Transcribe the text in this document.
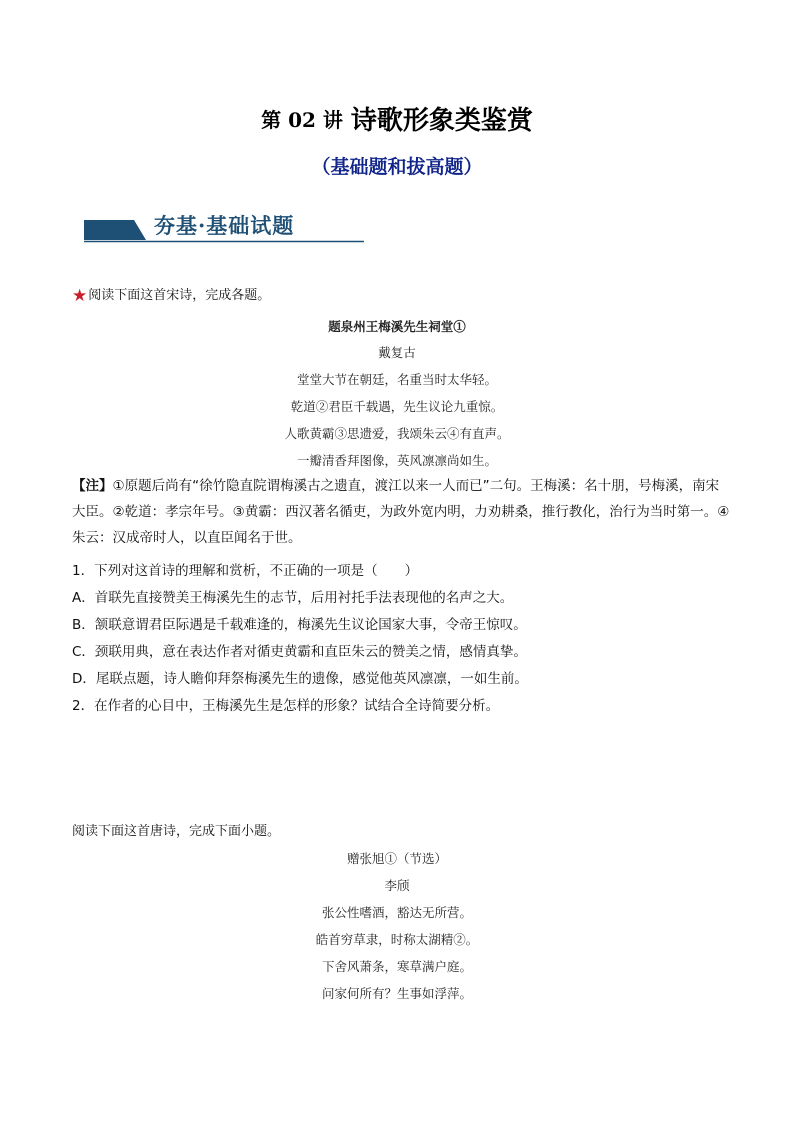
第 02 讲 诗歌形象类鉴赏
（基础题和拔高题）
夯基·基础试题
★阅读下面这首宋诗，完成各题。
题泉州王梅溪先生祠堂①
戴复古
堂堂大节在朝廷，名重当时太华轻。
乾道②君臣千载遇，先生议论九重惊。
人歌黄霸③思遗爱，我颂朱云④有直声。
一瓣清香拜图像，英风凛凛尚如生。
【注】①原题后尚有“徐竹隐直院谓梅溪古之遗直，渡江以来一人而已”二句。王梅溪：名十朋，号梅溪，南宋大臣。②乾道：孝宗年号。③黄霸：西汉著名循吏，为政外宽内明，力劝耕桑，推行教化，治行为当时第一。④朱云：汉成帝时人，以直臣闻名于世。
1．下列对这首诗的理解和赏析，不正确的一项是（　　）
A．首联先直接赞美王梅溪先生的志节，后用衬托手法表现他的名声之大。
B．颔联意谓君臣际遇是千载难逢的，梅溪先生议论国家大事，令帝王惊叹。
C．颈联用典，意在表达作者对循吏黄霸和直臣朱云的赞美之情，感情真挚。
D．尾联点题，诗人瞻仰拜祭梅溪先生的遗像，感觉他英风凛凛，一如生前。
2．在作者的心目中，王梅溪先生是怎样的形象？试结合全诗简要分析。
阅读下面这首唐诗，完成下面小题。
赠张旭①（节选）
李颀
张公性嗜酒，豁达无所营。
皓首穷草隶，时称太湖精②。
下舍风萧条，寒草满户庭。
问家何所有？生事如浮萍。
